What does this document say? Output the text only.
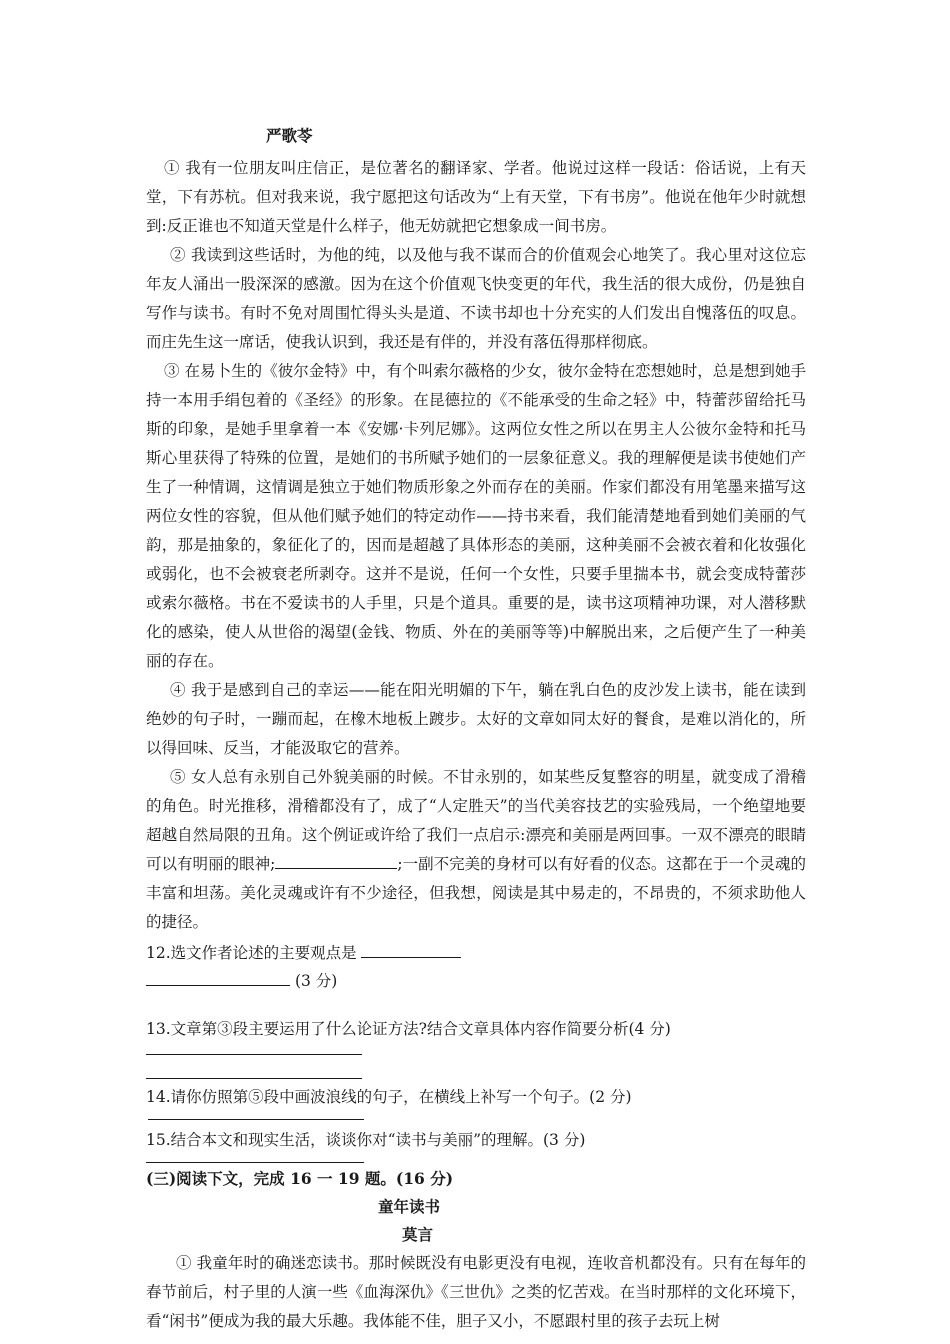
严歌苓
① 我有一位朋友叫庄信正，是位著名的翻译家、学者。他说过这样一段话：俗话说，上有天堂，下有苏杭。但对我来说，我宁愿把这句话改为“上有天堂，下有书房”。他说在他年少时就想到:反正谁也不知道天堂是什么样子，他无妨就把它想象成一间书房。
② 我读到这些话时，为他的纯，以及他与我不谋而合的价值观会心地笑了。我心里对这位忘年友人涌出一股深深的感激。因为在这个价值观飞快变更的年代，我生活的很大成份，仍是独自写作与读书。有时不免对周围忙得头头是道、不读书却也十分充实的人们发出自愧落伍的叹息。而庄先生这一席话，使我认识到，我还是有伴的，并没有落伍得那样彻底。
③ 在易卜生的《彼尔金特》中，有个叫索尔薇格的少女，彼尔金特在恋想她时，总是想到她手持一本用手绢包着的《圣经》的形象。在昆德拉的《不能承受的生命之轻》中，特蕾莎留给托马斯的印象，是她手里拿着一本《安娜·卡列尼娜》。这两位女性之所以在男主人公彼尔金特和托马斯心里获得了特殊的位置，是她们的书所赋予她们的一层象征意义。我的理解便是读书使她们产生了一种情调，这情调是独立于她们物质形象之外而存在的美丽。作家们都没有用笔墨来描写这两位女性的容貌，但从他们赋予她们的特定动作——持书来看，我们能清楚地看到她们美丽的气韵，那是抽象的，象征化了的，因而是超越了具体形态的美丽，这种美丽不会被衣着和化妆强化或弱化，也不会被衰老所剥夺。这并不是说，任何一个女性，只要手里揣本书，就会变成特蕾莎或索尔薇格。书在不爱读书的人手里，只是个道具。重要的是，读书这项精神功课，对人潜移默化的感染，使人从世俗的渴望(金钱、物质、外在的美丽等等)中解脱出来，之后便产生了一种美丽的存在。
④ 我于是感到自己的幸运——能在阳光明媚的下午，躺在乳白色的皮沙发上读书，能在读到绝妙的句子时，一蹦而起，在橡木地板上踱步。太好的文章如同太好的餐食，是难以消化的，所以得回味、反当，才能汲取它的营养。
⑤ 女人总有永别自己外貌美丽的时候。不甘永别的，如某些反复整容的明星，就变成了滑稽的角色。时光推移，滑稽都没有了，成了“人定胜天”的当代美容技艺的实验残局，一个绝望地要超越自然局限的丑角。这个例证或许给了我们一点启示:漂亮和美丽是两回事。一双不漂亮的眼睛可以有明丽的眼神;	;一副不完美的身材可以有好看的仪态。这都在于一个灵魂的丰富和坦荡。美化灵魂或许有不少途径，但我想，阅读是其中易走的，不昂贵的，不须求助他人的捷径。
12.选文作者论述的主要观点是
(3 分)
13.文章第③段主要运用了什么论证方法?结合文章具体内容作简要分析(4 分)
14.请你仿照第⑤段中画波浪线的句子，在横线上补写一个句子。(2 分)
15.结合本文和现实生活，谈谈你对“读书与美丽”的理解。(3 分)
(三)阅读下文，完成 16 一 19 题。(16 分)
童年读书
莫言
① 我童年时的确迷恋读书。那时候既没有电影更没有电视，连收音机都没有。只有在每年的春节前后，村子里的人演一些《血海深仇》《三世仇》之类的忆苦戏。在当时那样的文化环境下，看“闲书”便成为我的最大乐趣。我体能不佳，胆子又小，不愿跟村里的孩子去玩上树
